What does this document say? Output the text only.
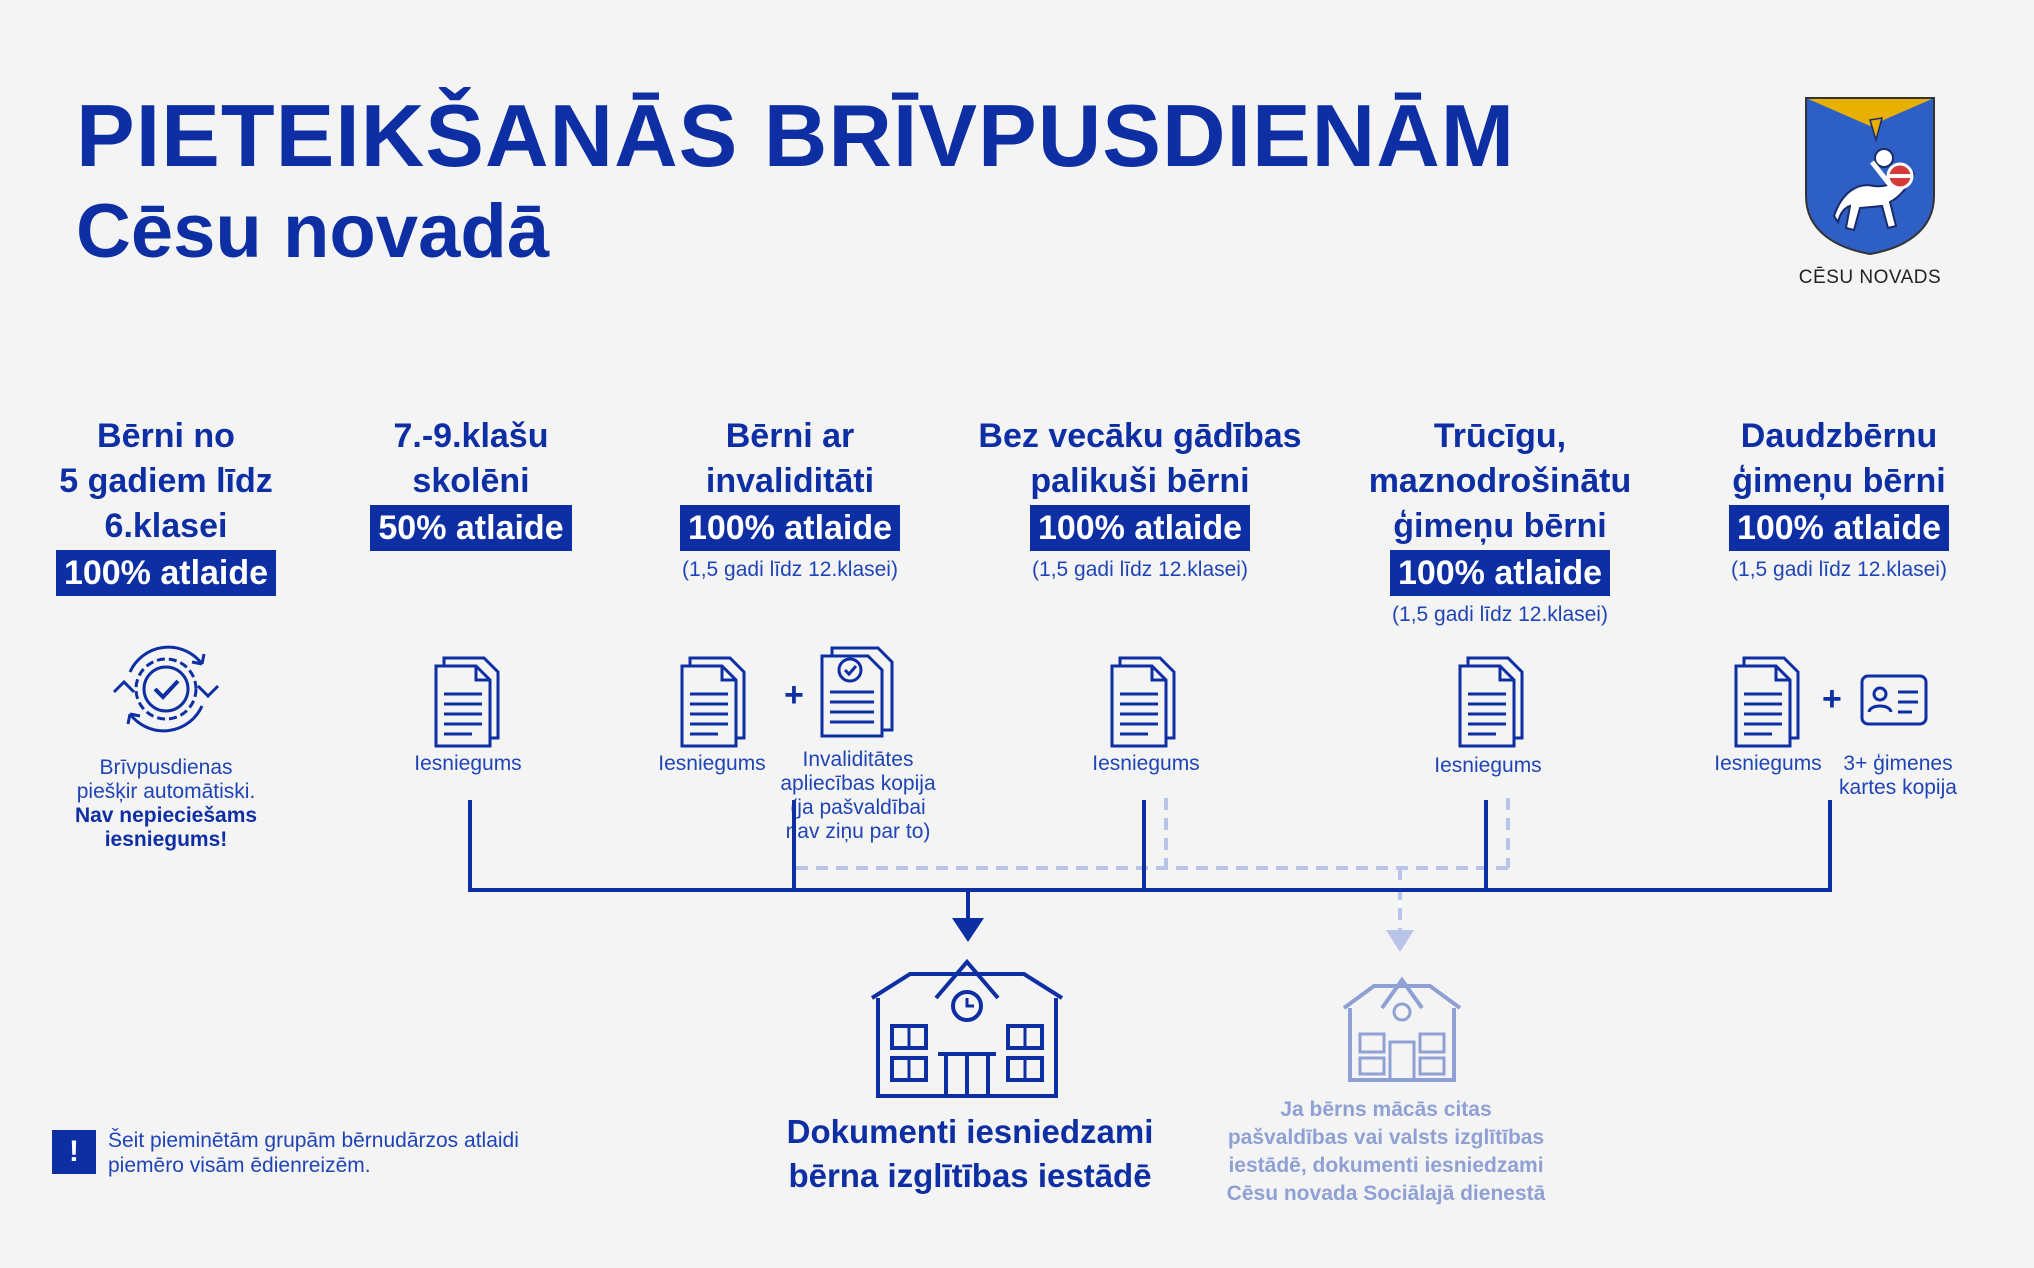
PIETEIKŠANĀS BRĪVPUSDIENĀM
Cēsu novadā
CĒSU NOVADS
Bērni no
5 gadiem līdz
6.klasei
100% atlaide
7.-9.klašu
skolēni
50% atlaide
Bērni ar
invaliditāti
100% atlaide
(1,5 gadi līdz 12.klasei)
Bez vecāku gādības
palikuši bērni
100% atlaide
(1,5 gadi līdz 12.klasei)
Trūcīgu,
maznodrošinātu
ģimeņu bērni
100% atlaide
(1,5 gadi līdz 12.klasei)
Daudzbērnu
ģimeņu bērni
100% atlaide
(1,5 gadi līdz 12.klasei)
Brīvpusdienas
piešķir automātiski.
Nav nepieciešams
iesniegums!
Iesniegums	Iesniegums
+
Invaliditātes
apliecības kopija
(ja pašvaldībai
nav ziņu par to)
Iesniegums	Iesniegums	Iesniegums
+
3+ ģimenes
kartes kopija
Dokumenti iesniedzami
bērna izglītības iestādē
Ja bērns mācās citas
pašvaldības vai valsts izglītības
iestādē, dokumenti iesniedzami
Cēsu novada Sociālajā dienestā
!	Šeit pieminētām grupām bērnudārzos atlaidi
piemēro visām ēdienreizēm.
